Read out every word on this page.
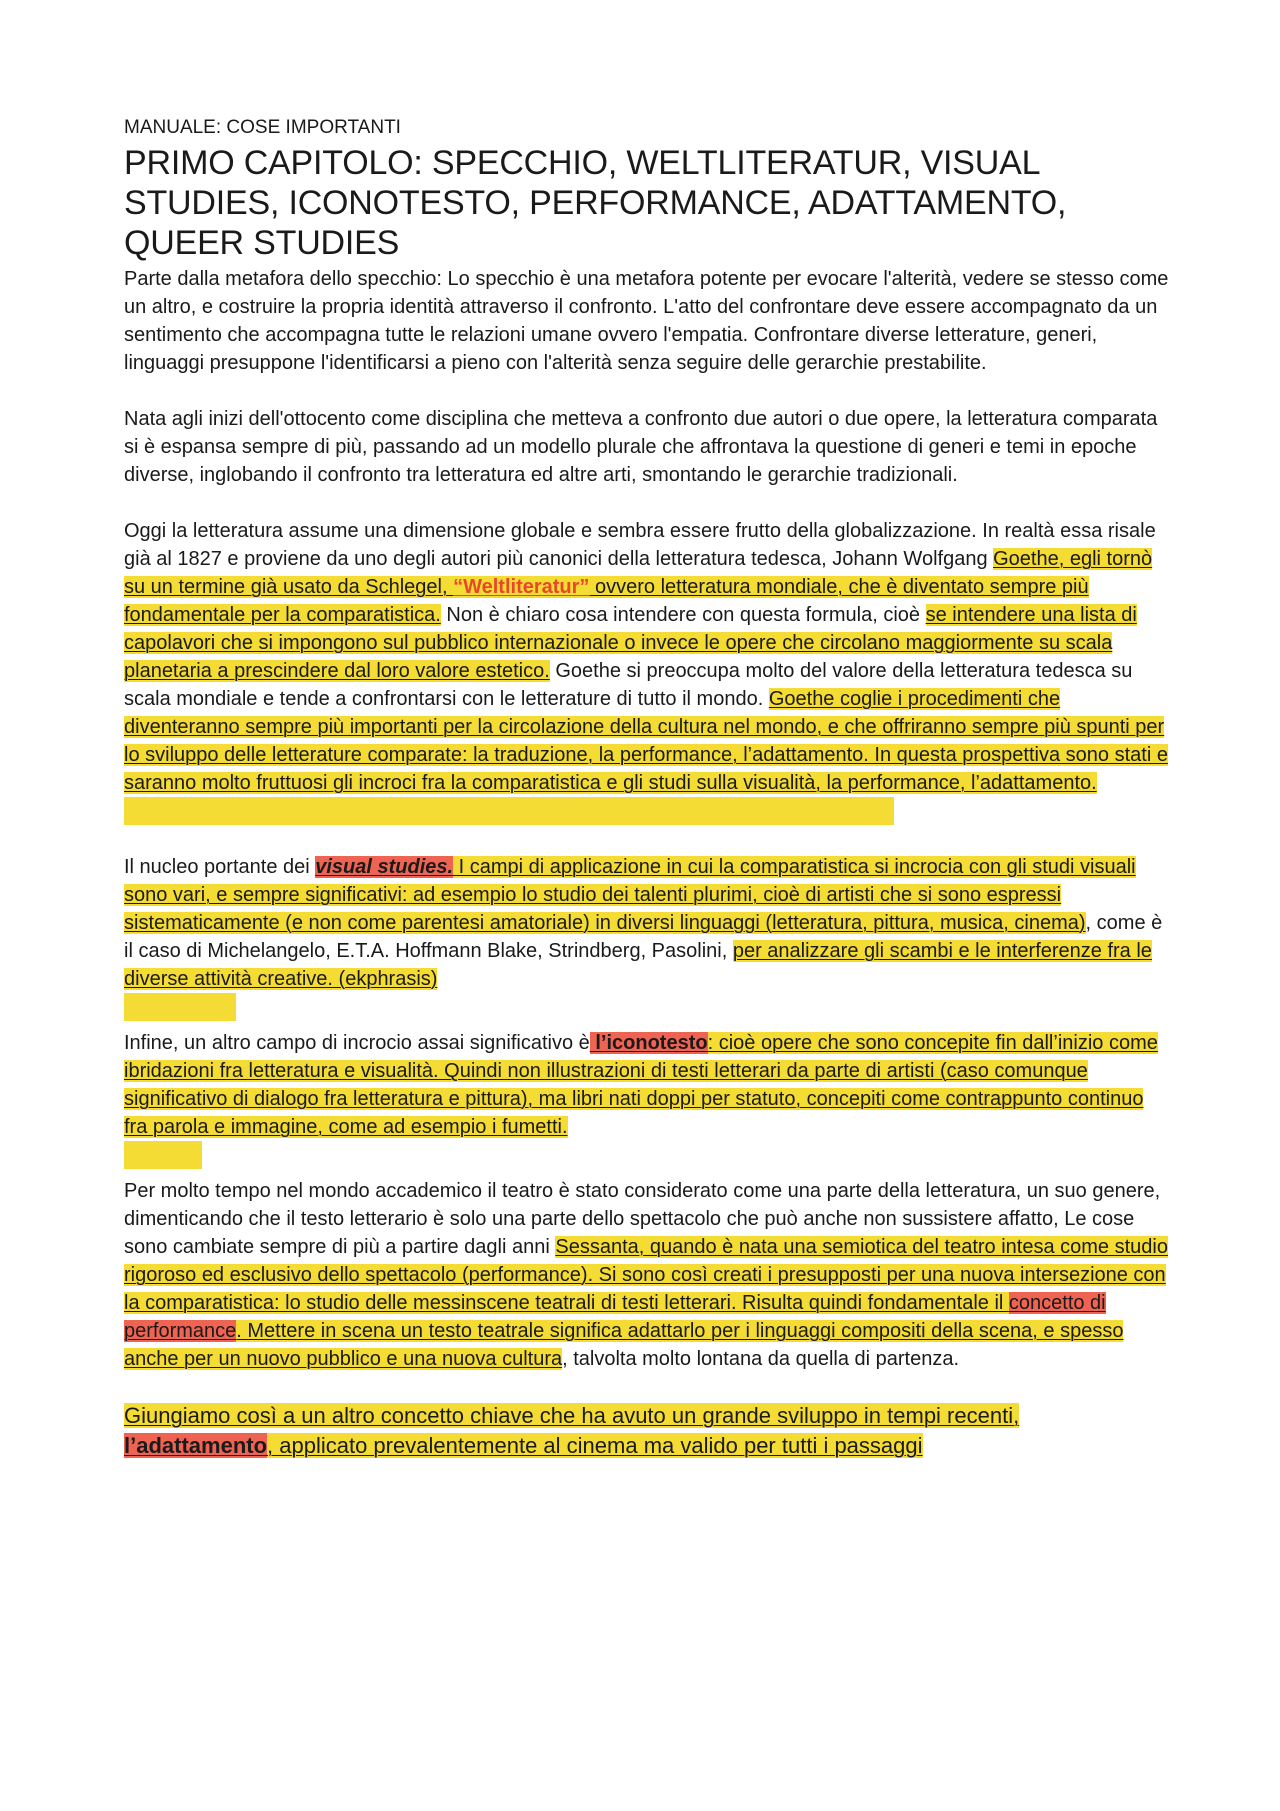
MANUALE: COSE IMPORTANTI
PRIMO CAPITOLO: SPECCHIO, WELTLITERATUR, VISUAL STUDIES, ICONOTESTO, PERFORMANCE, ADATTAMENTO, QUEER STUDIES

Parte dalla metafora dello specchio: Lo specchio è una metafora potente per evocare l'alterità, vedere se stesso come un altro, e costruire la propria identità attraverso il confronto. L'atto del confrontare deve essere accompagnato da un sentimento che accompagna tutte le relazioni umane ovvero l'empatia. Confrontare diverse letterature, generi, linguaggi presuppone l'identificarsi a pieno con l'alterità senza seguire delle gerarchie prestabilite.

Nata agli inizi dell'ottocento come disciplina che metteva a confronto due autori o due opere, la letteratura comparata si è espansa sempre di più, passando ad un modello plurale che affrontava la questione di generi e temi in epoche diverse, inglobando il confronto tra letteratura ed altre arti, smontando le gerarchie tradizionali.

Oggi la letteratura assume una dimensione globale e sembra essere frutto della globalizzazione. In realtà essa risale già al 1827 e proviene da uno degli autori più canonici della letteratura tedesca, Johann Wolfgang Goethe, egli tornò su un termine già usato da Schlegel, “Weltliteratur” ovvero letteratura mondiale, che è diventato sempre più fondamentale per la comparatistica. Non è chiaro cosa intendere con questa formula, cioè se intendere una lista di capolavori che si impongono sul pubblico internazionale o invece le opere che circolano maggiormente su scala planetaria a prescindere dal loro valore estetico. Goethe si preoccupa molto del valore della letteratura tedesca su scala mondiale e tende a confrontarsi con le letterature di tutto il mondo. Goethe coglie i procedimenti che diventeranno sempre più importanti per la circolazione della cultura nel mondo, e che offriranno sempre più spunti per lo sviluppo delle letterature comparate: la traduzione, la performance, l’adattamento. In questa prospettiva sono stati e saranno molto fruttuosi gli incroci fra la comparatistica e gli studi sulla visualità, la performance, l’adattamento.

Il nucleo portante dei visual studies. I campi di applicazione in cui la comparatistica si incrocia con gli studi visuali sono vari, e sempre significativi: ad esempio lo studio dei talenti plurimi, cioè di artisti che si sono espressi sistematicamente (e non come parentesi amatoriale) in diversi linguaggi (letteratura, pittura, musica, cinema), come è il caso di Michelangelo, E.T.A. Hoffmann Blake, Strindberg, Pasolini, per analizzare gli scambi e le interferenze fra le diverse attività creative. (ekphrasis)

Infine, un altro campo di incrocio assai significativo è l’iconotesto: cioè opere che sono concepite fin dall’inizio come ibridazioni fra letteratura e visualità. Quindi non illustrazioni di testi letterari da parte di artisti (caso comunque significativo di dialogo fra letteratura e pittura), ma libri nati doppi per statuto, concepiti come contrappunto continuo fra parola e immagine, come ad esempio i fumetti.

Per molto tempo nel mondo accademico il teatro è stato considerato come una parte della letteratura, un suo genere, dimenticando che il testo letterario è solo una parte dello spettacolo che può anche non sussistere affatto, Le cose sono cambiate sempre di più a partire dagli anni Sessanta, quando è nata una semiotica del teatro intesa come studio rigoroso ed esclusivo dello spettacolo (performance). Si sono così creati i presupposti per una nuova intersezione con la comparatistica: lo studio delle messinscene teatrali di testi letterari. Risulta quindi fondamentale il concetto di performance. Mettere in scena un testo teatrale significa adattarlo per i linguaggi compositi della scena, e spesso anche per un nuovo pubblico e una nuova cultura, talvolta molto lontana da quella di partenza.

Giungiamo così a un altro concetto chiave che ha avuto un grande sviluppo in tempi recenti, l’adattamento, applicato prevalentemente al cinema ma valido per tutti i passaggi
